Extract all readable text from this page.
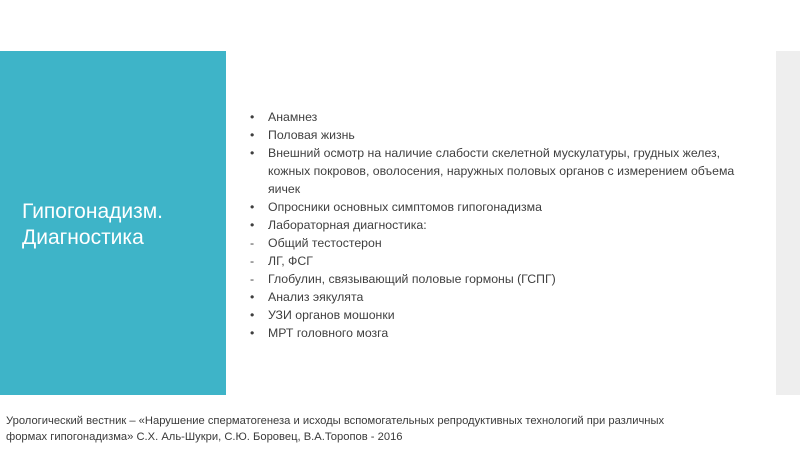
Гипогонадизм.
Диагностика
•	Анамнез
•	Половая жизнь
•	Внешний осмотр на наличие слабости скелетной мускулатуры, грудных желез, кожных покровов, оволосения, наружных половых органов с измерением объема яичек
•	Опросники основных симптомов гипогонадизма
•	Лабораторная диагностика:
-	Общий тестостерон
-	ЛГ, ФСГ
-	Глобулин, связывающий половые гормоны (ГСПГ)
•	Анализ эякулята
•	УЗИ органов мошонки
•	МРТ головного мозга
Урологический вестник – «Нарушение сперматогенеза и исходы вспомогательных репродуктивных технологий при различных
формах гипогонадизма» С.Х. Аль-Шукри, С.Ю. Боровец, В.А.Торопов - 2016
